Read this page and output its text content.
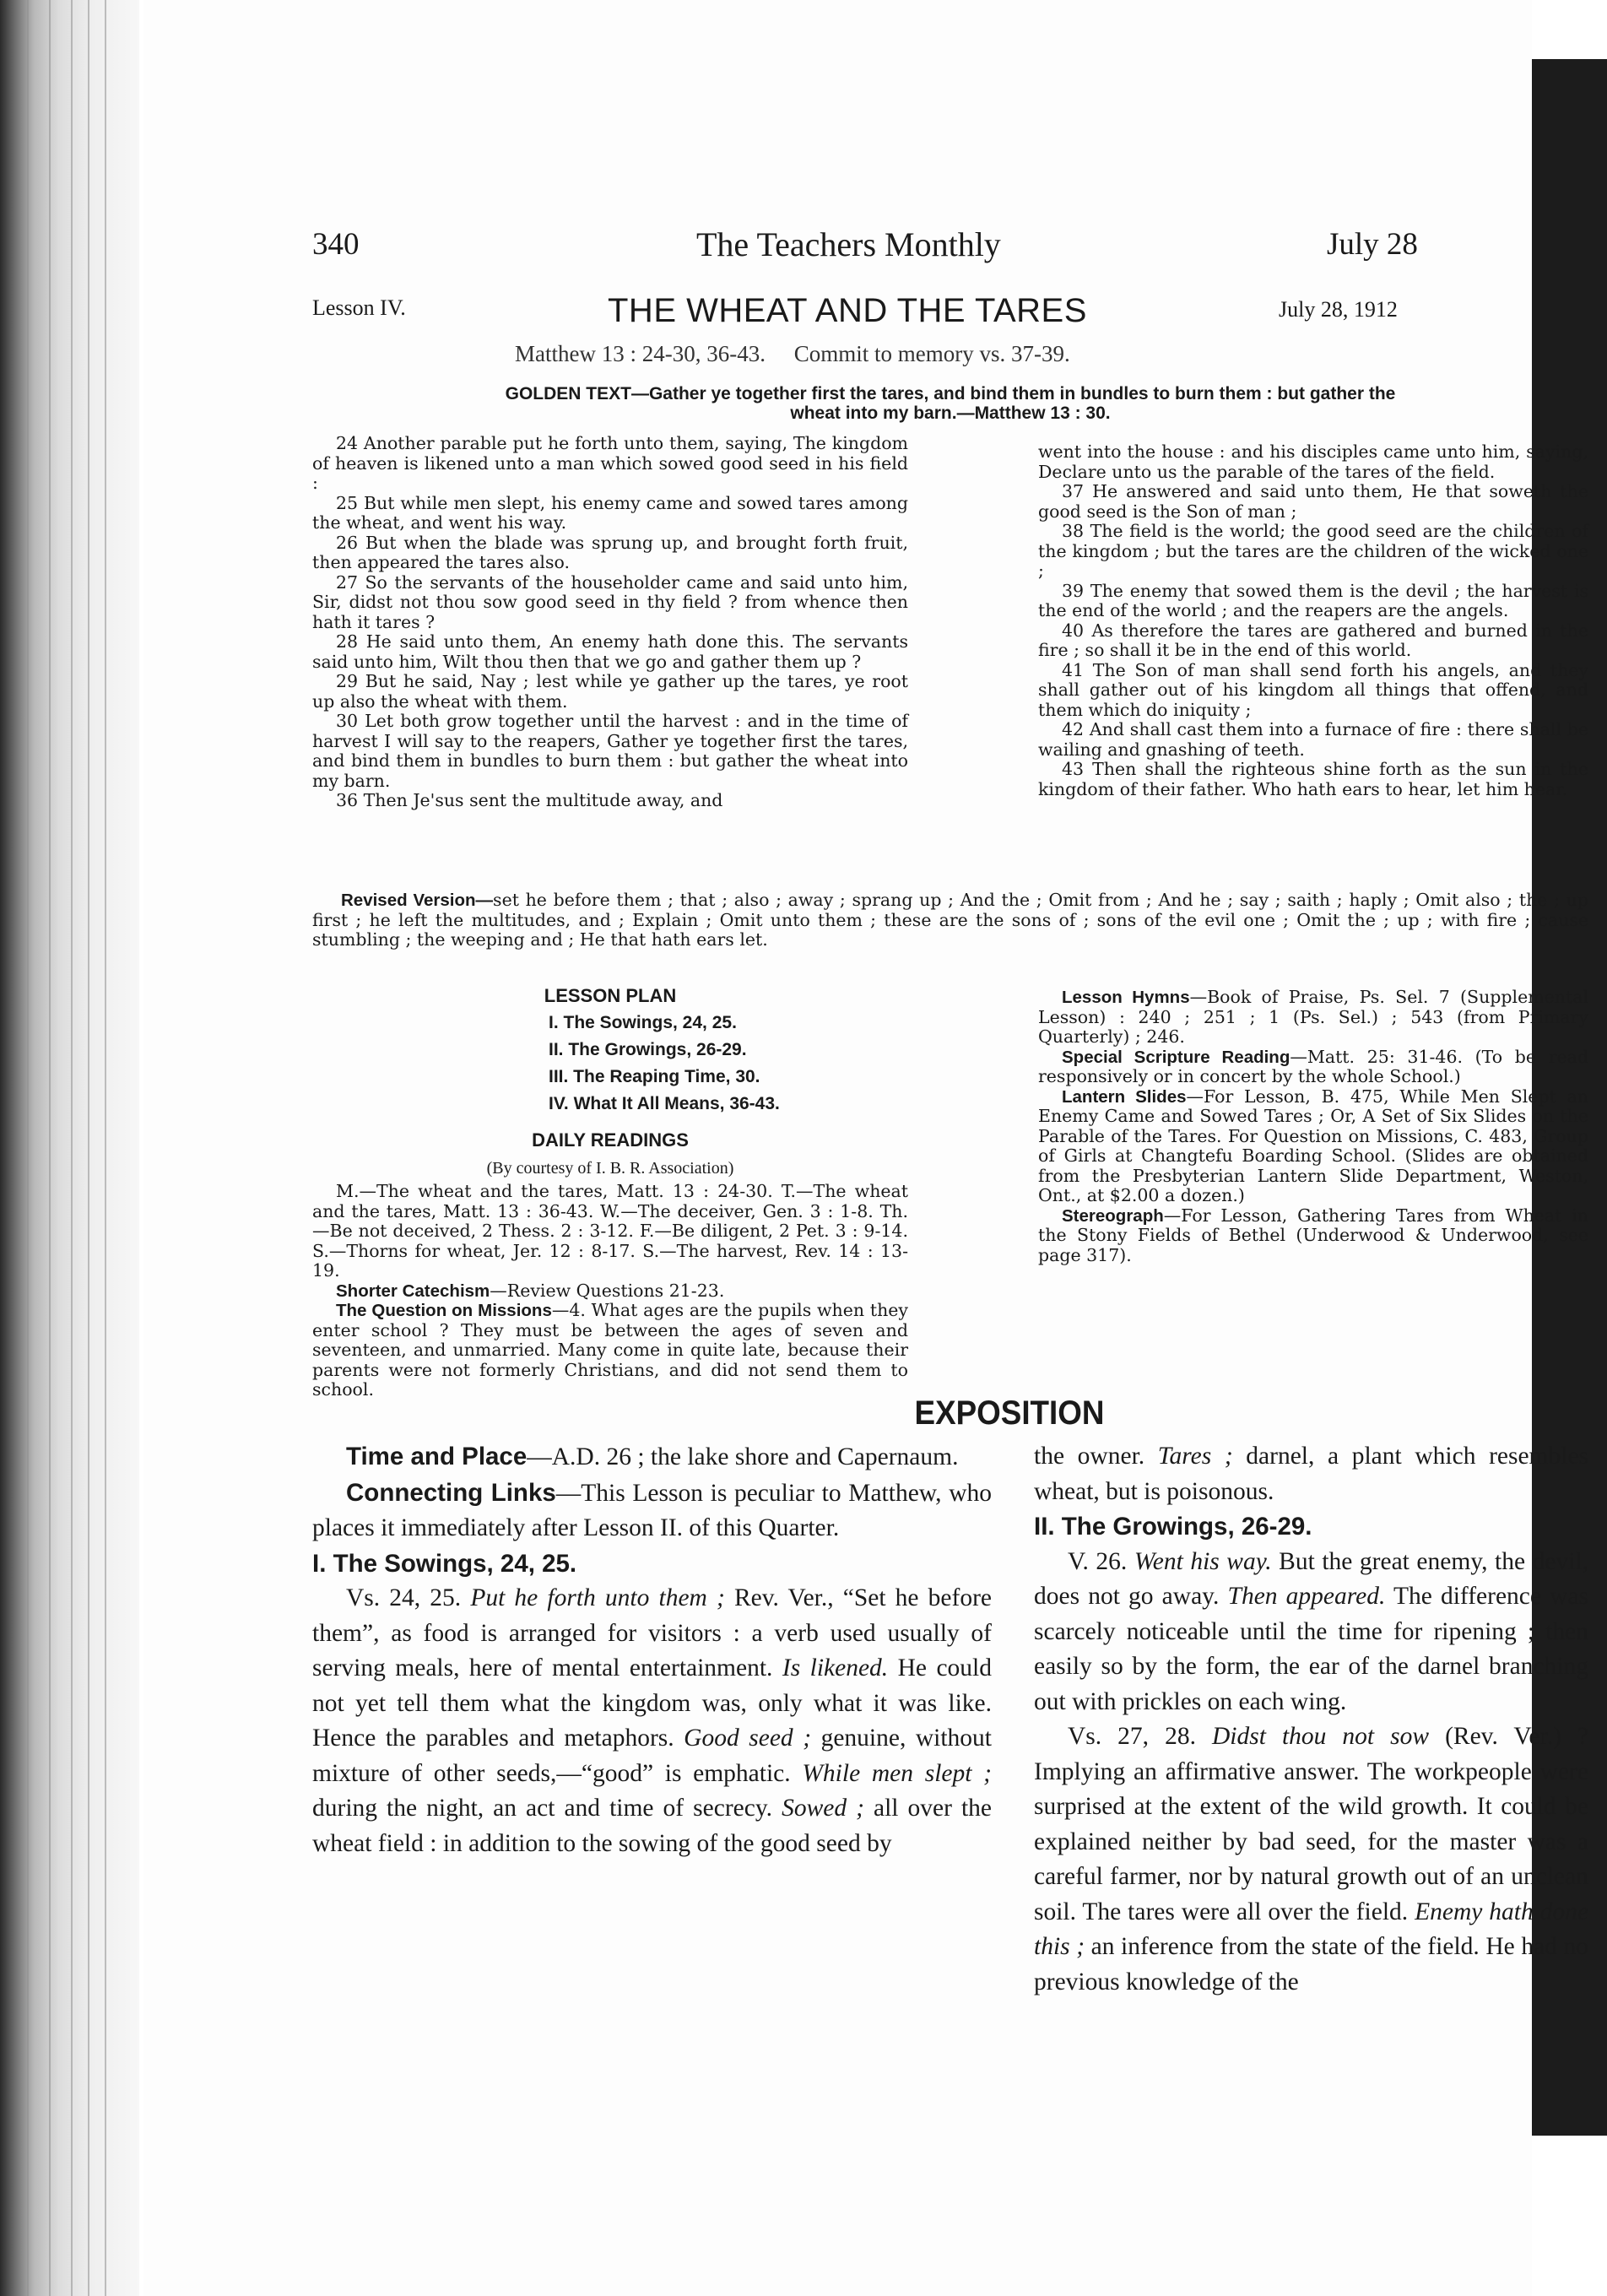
340	The Teachers Monthly	July 28
Lesson IV.	THE WHEAT AND THE TARES	July 28, 1912
Matthew 13 : 24-30, 36-43. Commit to memory vs. 37-39.
GOLDEN TEXT—Gather ye together first the tares, and bind them in bundles to burn them : but gather the
wheat into my barn.—Matthew 13 : 30.

24 Another parable put he forth unto them, saying, The kingdom of heaven is likened unto a man which sowed good seed in his field :

25 But while men slept, his enemy came and sowed tares among the wheat, and went his way.

26 But when the blade was sprung up, and brought forth fruit, then appeared the tares also.

27 So the servants of the householder came and said unto him, Sir, didst not thou sow good seed in thy field ? from whence then hath it tares ?

28 He said unto them, An enemy hath done this. The servants said unto him, Wilt thou then that we go and gather them up ?

29 But he said, Nay ; lest while ye gather up the tares, ye root up also the wheat with them.

30 Let both grow together until the harvest : and in the time of harvest I will say to the reapers, Gather ye together first the tares, and bind them in bundles to burn them : but gather the wheat into my barn.

36 Then Je'sus sent the multitude away, and

went into the house : and his disciples came unto him, saying, Declare unto us the parable of the tares of the field.

37 He answered and said unto them, He that soweth the good seed is the Son of man ;

38 The field is the world; the good seed are the children of the kingdom ; but the tares are the children of the wicked one ;

39 The enemy that sowed them is the devil ; the harvest is the end of the world ; and the reapers are the angels.

40 As therefore the tares are gathered and burned in the fire ; so shall it be in the end of this world.

41 The Son of man shall send forth his angels, and they shall gather out of his kingdom all things that offend, and them which do iniquity ;

42 And shall cast them into a furnace of fire : there shall be wailing and gnashing of teeth.

43 Then shall the righteous shine forth as the sun in the kingdom of their father. Who hath ears to hear, let him hear.

Revised Version—set he before them ; that ; also ; away ; sprang up ; And the ; Omit from ; And he ; say ; saith ; haply ; Omit also ; the ; up first ; he left the multitudes, and ; Explain ; Omit unto them ; these are the sons of ; sons of the evil one ; Omit the ; up ; with fire ; cause stumbling ; the weeping and ; He that hath ears let.
LESSON PLAN
I. The Sowings, 24, 25.
II. The Growings, 26-29.
III. The Reaping Time, 30.
IV. What It All Means, 36-43.
DAILY READINGS
(By courtesy of I. B. R. Association)

M.—The wheat and the tares, Matt. 13 : 24-30. T.—The wheat and the tares, Matt. 13 : 36-43. W.—The deceiver, Gen. 3 : 1-8. Th.—Be not deceived, 2 Thess. 2 : 3-12. F.—Be diligent, 2 Pet. 3 : 9-14. S.—Thorns for wheat, Jer. 12 : 8-17. S.—The harvest, Rev. 14 : 13-19.

Shorter Catechism—Review Questions 21-23.

The Question on Missions—4. What ages are the pupils when they enter school ? They must be between the ages of seven and seventeen, and unmarried. Many come in quite late, because their parents were not formerly Christians, and did not send them to school.

Lesson Hymns—Book of Praise, Ps. Sel. 7 (Supplemental Lesson) : 240 ; 251 ; 1 (Ps. Sel.) ; 543 (from Primary Quarterly) ; 246.

Special Scripture Reading—Matt. 25: 31-46. (To be read responsively or in concert by the whole School.)

Lantern Slides—For Lesson, B. 475, While Men Slept an Enemy Came and Sowed Tares ; Or, A Set of Six Slides on the Parable of the Tares. For Question on Missions, C. 483, Group of Girls at Changtefu Boarding School. (Slides are obtained from the Presbyterian Lantern Slide Department, Weston, Ont., at $2.00 a dozen.)

Stereograph—For Lesson, Gathering Tares from Wheat in the Stony Fields of Bethel (Underwood & Underwood, see page 317).

EXPOSITION

Time and Place—A.D. 26 ; the lake shore and Capernaum.

Connecting Links—This Lesson is peculiar to Matthew, who places it immediately after Lesson II. of this Quarter.

I. The Sowings, 24, 25.

Vs. 24, 25. Put he forth unto them ; Rev. Ver., “Set he before them”, as food is arranged for visitors : a verb used usually of serving meals, here of mental entertainment. Is likened. He could not yet tell them what the kingdom was, only what it was like. Hence the parables and metaphors. Good seed ; genuine, without mixture of other seeds,—“good” is emphatic. While men slept ; during the night, an act and time of secrecy. Sowed ; all over the wheat field : in addition to the sowing of the good seed by

the owner. Tares ; darnel, a plant which resembles wheat, but is poisonous.

II. The Growings, 26-29.

V. 26. Went his way. But the great enemy, the devil, does not go away. Then appeared. The difference was scarcely noticeable until the time for ripening ; then easily so by the form, the ear of the darnel branching out with prickles on each wing.

Vs. 27, 28. Didst thou not sow (Rev. Ver.) ? Implying an affirmative answer. The workpeople were surprised at the extent of the wild growth. It could be explained neither by bad seed, for the master was a careful farmer, nor by natural growth out of an unclean soil. The tares were all over the field. Enemy hath done this ; an inference from the state of the field. He had no previous knowledge of the
